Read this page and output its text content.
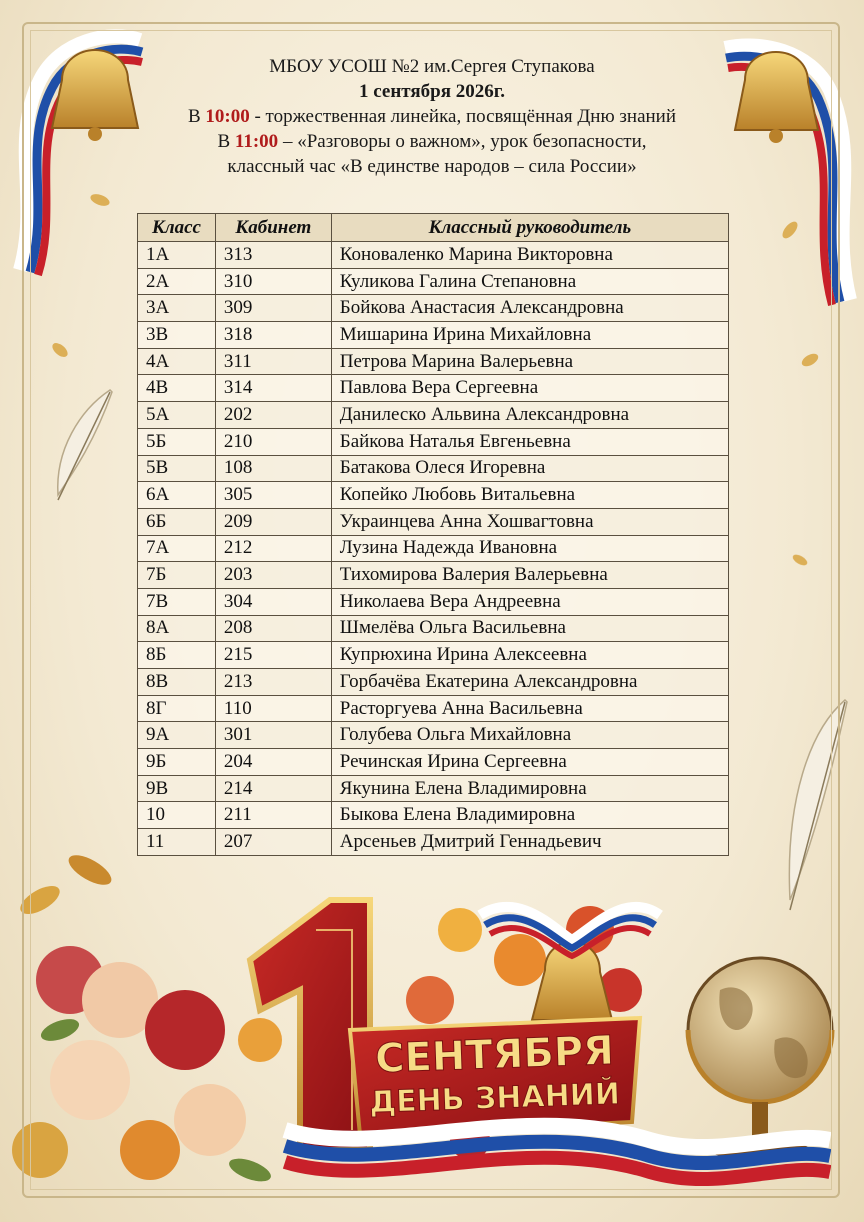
МБОУ УСОШ №2 им.Сергея Ступакова
1 сентября 2026г.
В 10:00 - торжественная линейка, посвящённая Дню знаний
В 11:00 – «Разговоры о важном», урок безопасности,
классный час «В единстве народов – сила России»
Класс	Кабинет	Классный руководитель
1А	313	Коноваленко Марина Викторовна
2А	310	Куликова Галина Степановна
3А	309	Бойкова Анастасия Александровна
3В	318	Мишарина Ирина Михайловна
4А	311	Петрова Марина Валерьевна
4В	314	Павлова Вера Сергеевна
5А	202	Данилеско Альвина Александровна
5Б	210	Байкова Наталья Евгеньевна
5В	108	Батакова Олеся Игоревна
6А	305	Копейко Любовь Витальевна
6Б	209	Украинцева Анна Хошвагтовна
7А	212	Лузина Надежда Ивановна
7Б	203	Тихомирова Валерия Валерьевна
7В	304	Николаева Вера Андреевна
8А	208	Шмелёва Ольга Васильевна
8Б	215	Купрюхина Ирина Алексеевна
8В	213	Горбачёва Екатерина Александровна
8Г	110	Расторгуева Анна Васильевна
9А	301	Голубева Ольга Михайловна
9Б	204	Речинская Ирина Сергеевна
9В	214	Якунина Елена Владимировна
10	211	Быкова Елена Владимировна
11	207	Арсеньев Дмитрий Геннадьевич
СЕНТЯБРЯ
ДЕНЬ ЗНАНИЙ
